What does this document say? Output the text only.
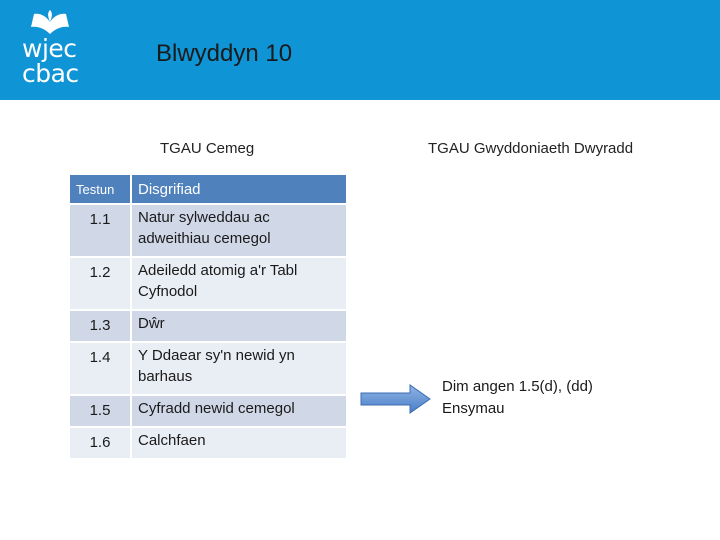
wjec
cbac
Blwyddyn 10
TGAU Cemeg	TGAU Gwyddoniaeth Dwyradd
Testun	Disgrifiad
1.1	Natur sylweddau ac adweithiau cemegol
1.2	Adeiledd atomig a'r Tabl Cyfnodol
1.3	Dŵr
1.4	Y Ddaear sy'n newid yn barhaus
1.5	Cyfradd newid cemegol
1.6	Calchfaen
Dim angen 1.5(d), (dd)
Ensymau
